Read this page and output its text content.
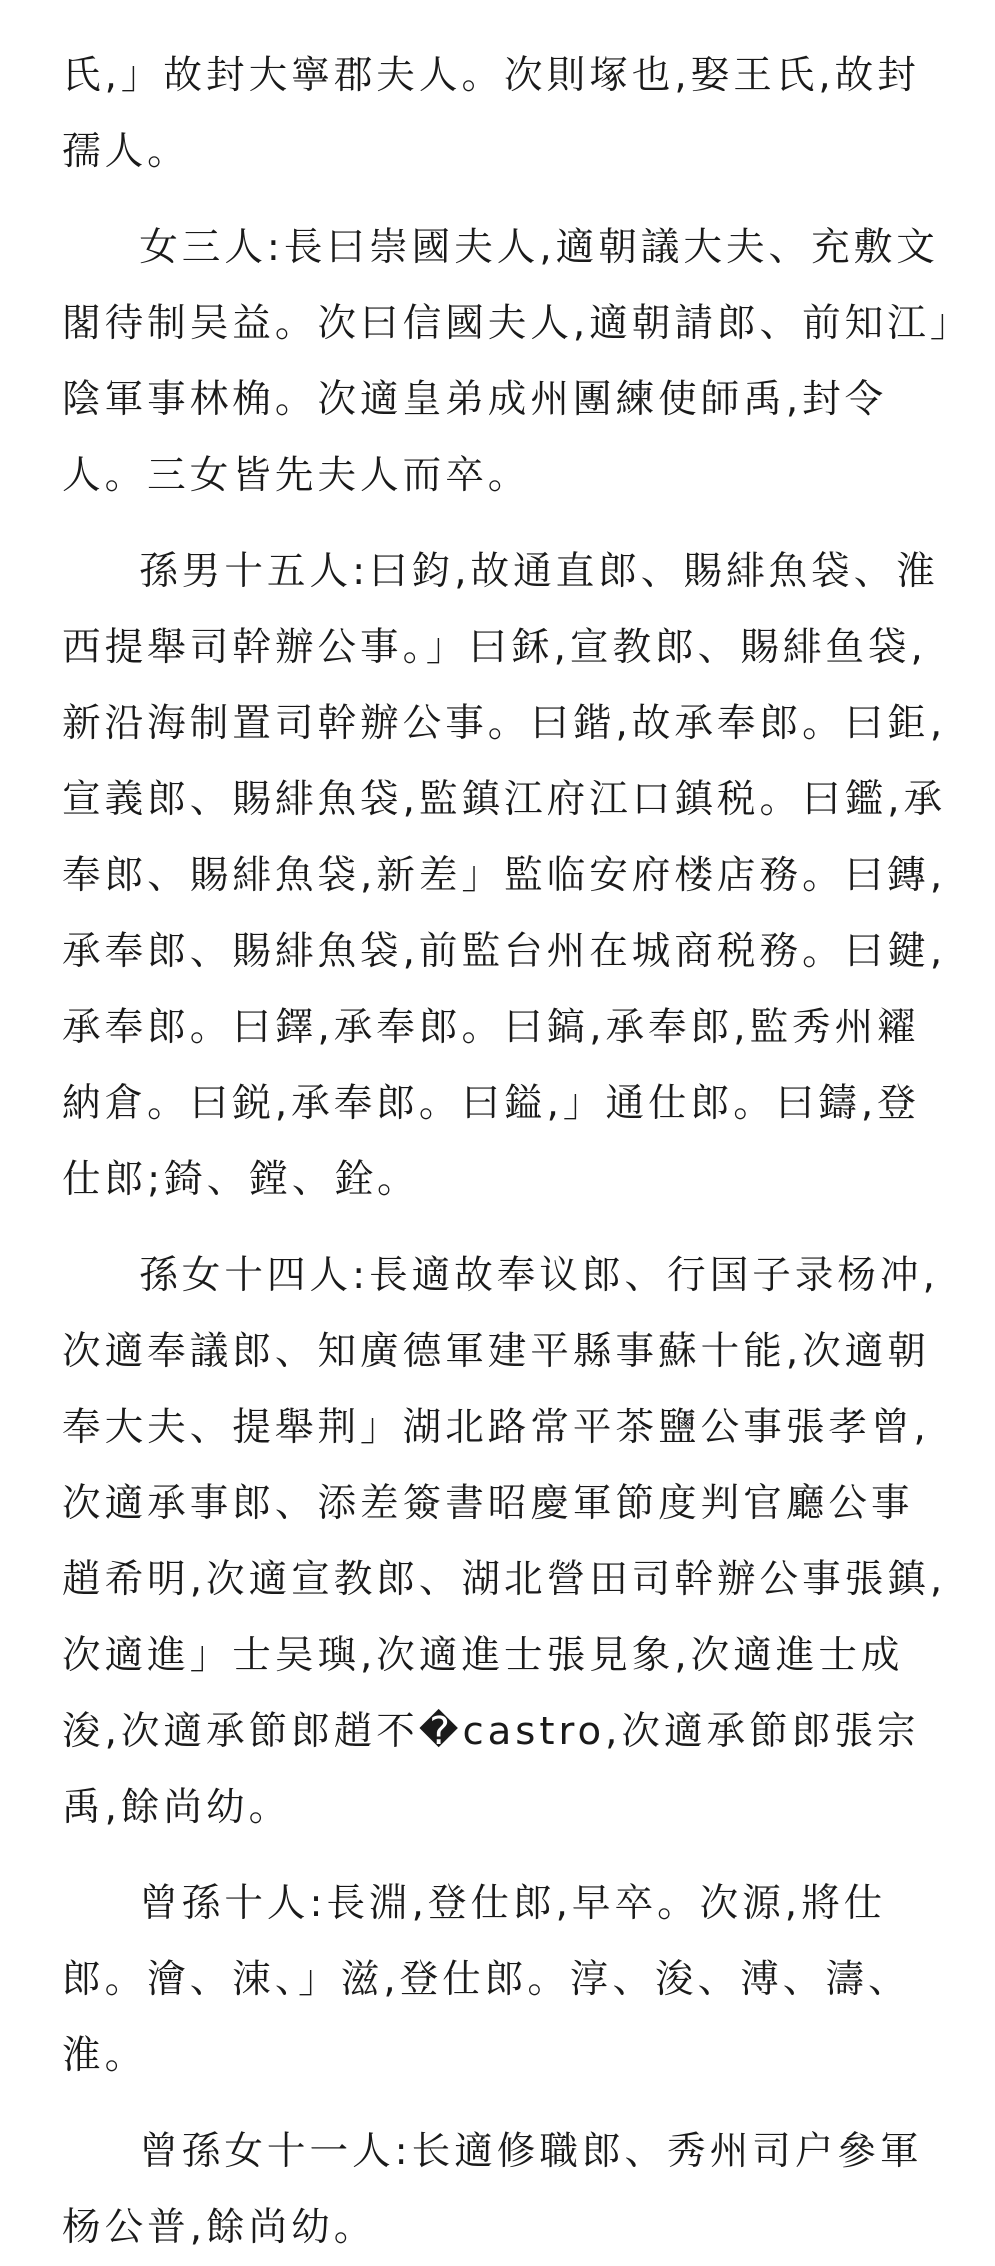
氏,」故封大寧郡夫人。次則塚也,娶王氏,故封孺人。

女三人:長曰崇國夫人,適朝議大夫、充敷文閣待制吴益。次曰信國夫人,適朝請郎、前知江」陰軍事林桷。次適皇弟成州團練使師禹,封令人。三女皆先夫人而卒。

孫男十五人:曰鈞,故通直郎、賜緋魚袋、淮西提舉司幹辦公事。」曰鉌,宣教郎、賜緋鱼袋,新沿海制置司幹辦公事。曰鍇,故承奉郎。曰鉅,宣義郎、賜緋魚袋,監鎮江府江口鎮税。曰鑑,承奉郎、賜緋魚袋,新差」監临安府楼店務。曰鏄,承奉郎、賜緋魚袋,前監台州在城商税務。曰鍵,承奉郎。曰鐸,承奉郎。曰鎬,承奉郎,監秀州糴納倉。曰鋭,承奉郎。曰鎰,」通仕郎。曰鑄,登仕郎;錡、鏜、銓。

孫女十四人:長適故奉议郎、行国子录杨冲,次適奉議郎、知廣德軍建平縣事蘇十能,次適朝奉大夫、提舉荆」湖北路常平茶鹽公事張孝曾,次適承事郎、添差簽書昭慶軍節度判官廳公事趙希明,次適宣教郎、湖北營田司幹辦公事張鎮,次適進」士吴璵,次適進士張見象,次適進士成浚,次適承節郎趙不�castro,次適承節郎張宗禹,餘尚幼。

曾孫十人:長淵,登仕郎,早卒。次源,將仕郎。澮、涑、」滋,登仕郎。淳、浚、溥、濤、淮。

曾孫女十一人:长適修職郎、秀州司户參軍杨公普,餘尚幼。
